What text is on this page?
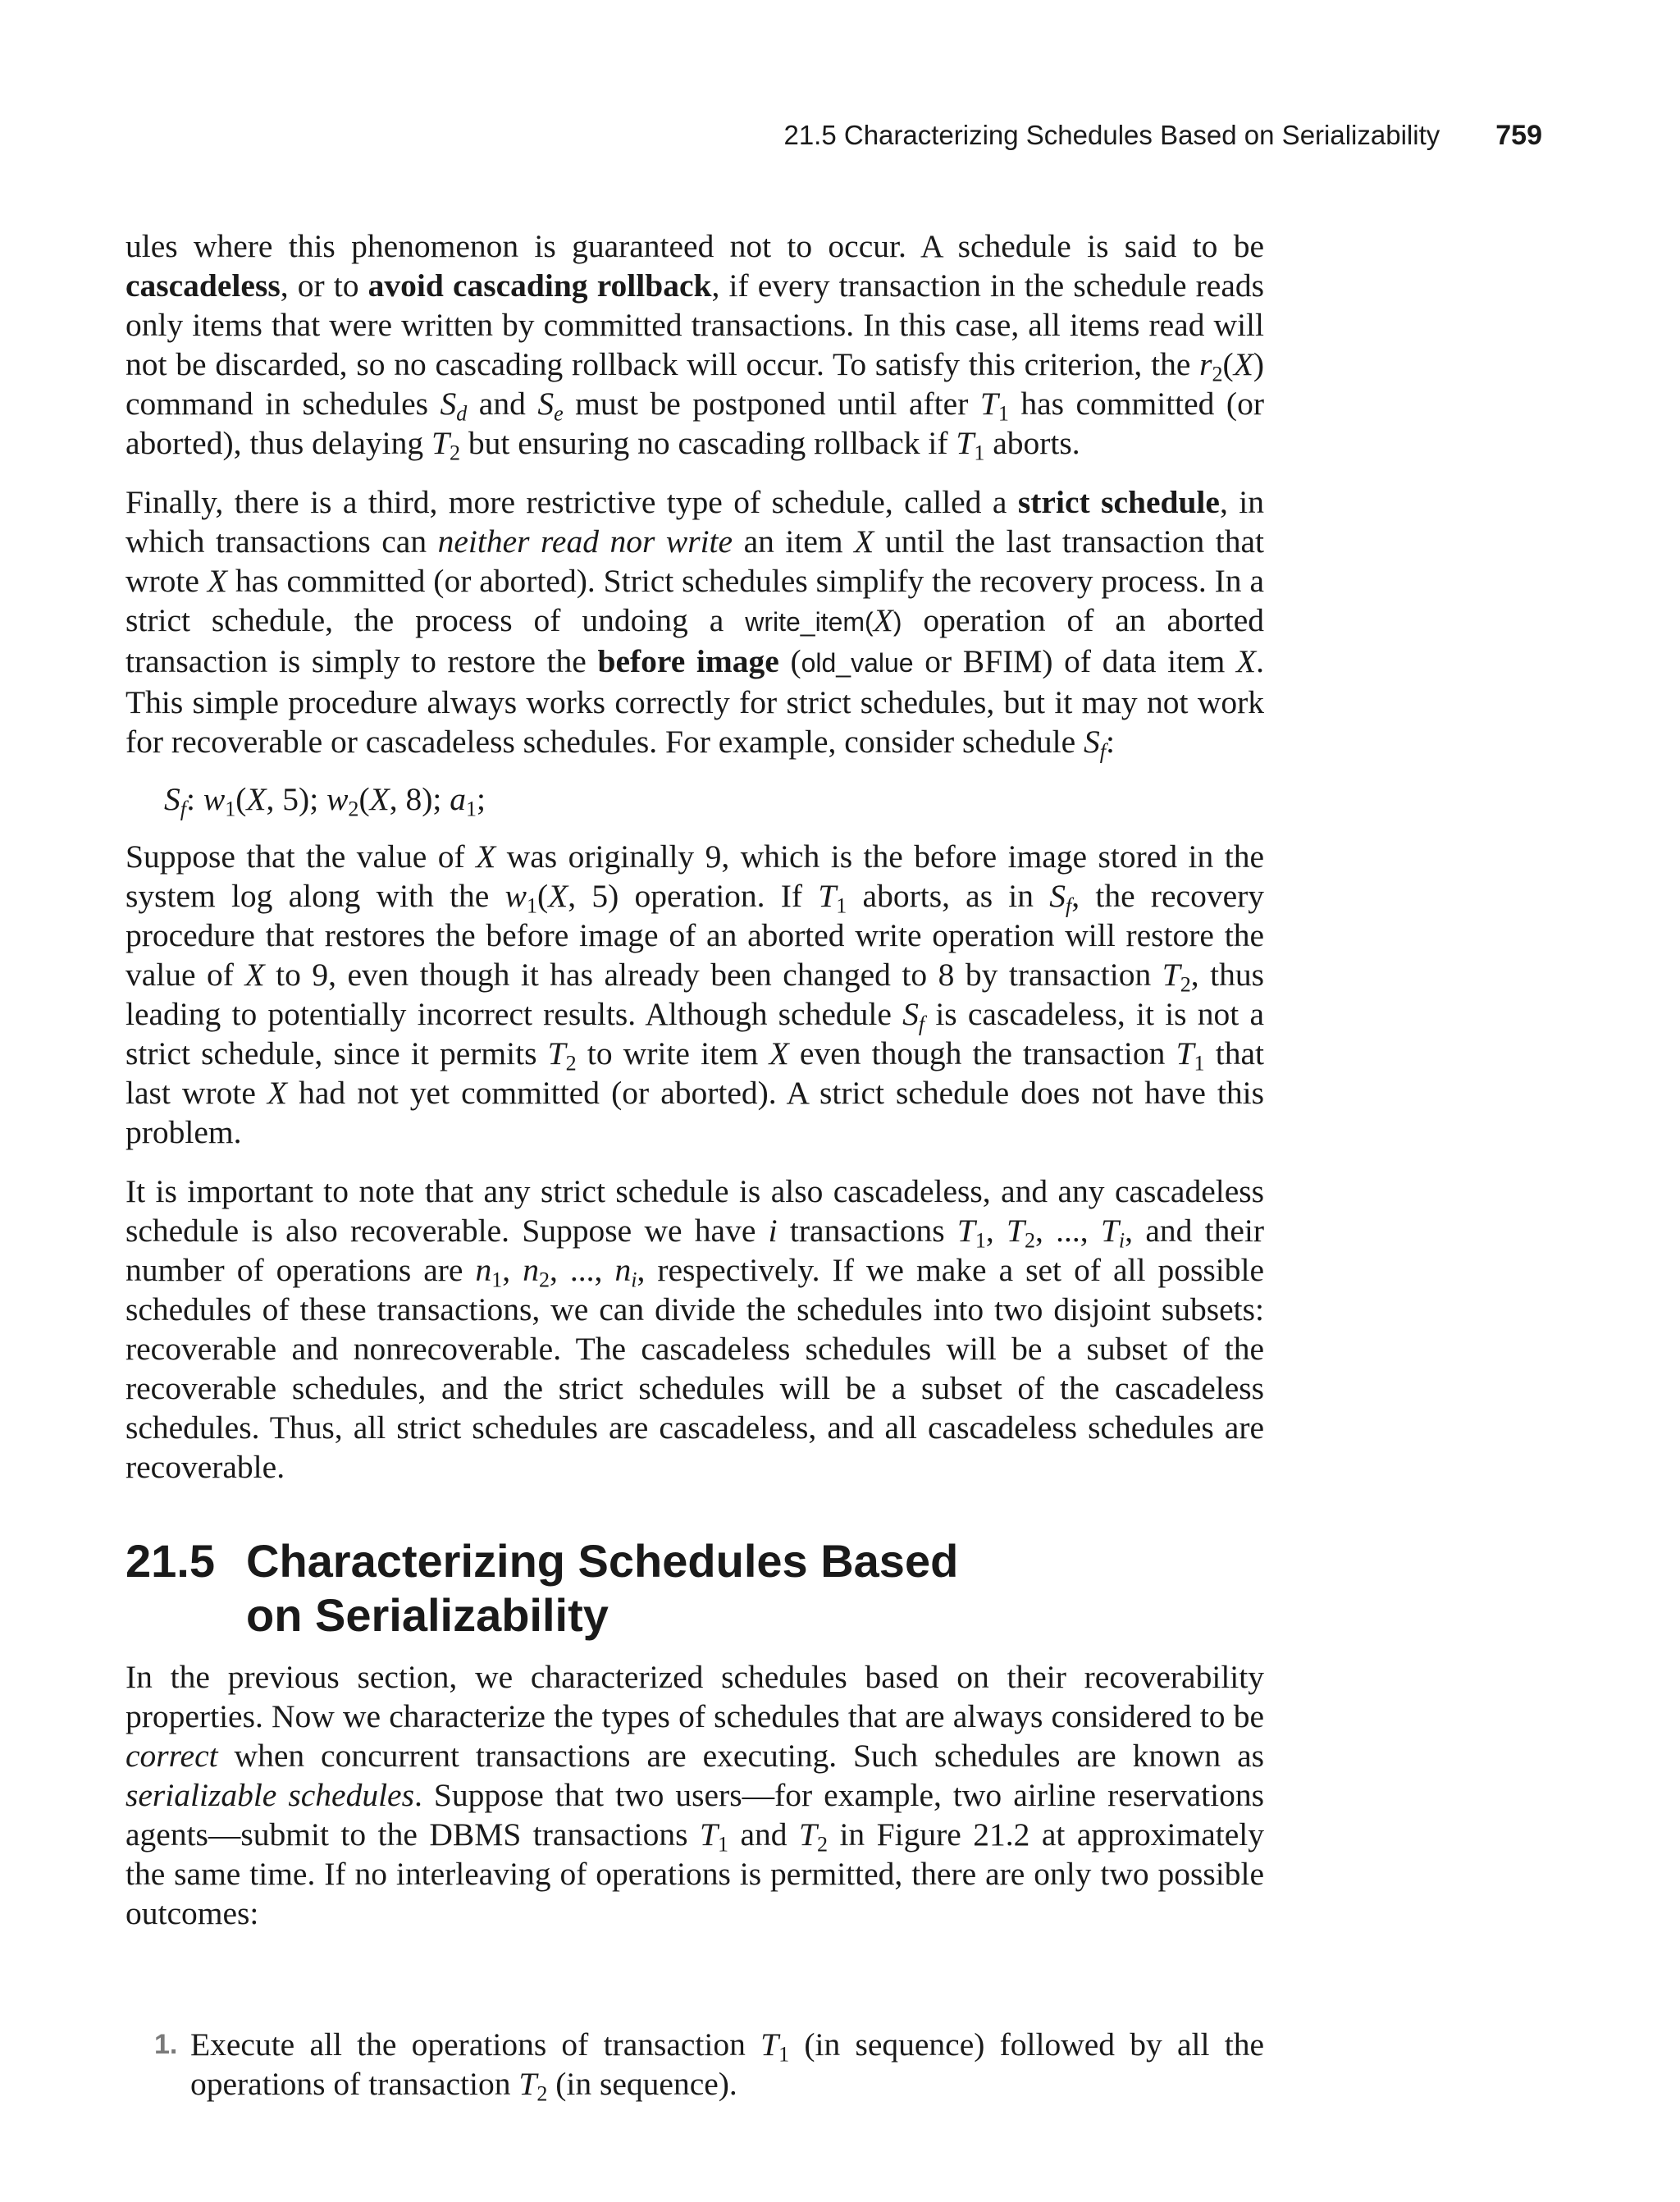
21.5 Characterizing Schedules Based on Serializability 759

ules where this phenomenon is guaranteed not to occur. A schedule is said to be cascadeless, or to avoid cascading rollback, if every transaction in the schedule reads only items that were written by committed transactions. In this case, all items read will not be discarded, so no cascading rollback will occur. To satisfy this criterion, the $r_2(X)$ command in schedules $S_d$ and $S_e$ must be postponed until after $T_1$ has committed (or aborted), thus delaying $T_2$ but ensuring no cascading rollback if $T_1$ aborts.

Finally, there is a third, more restrictive type of schedule, called a strict schedule, in which transactions can neither read nor write an item X until the last transaction that wrote X has committed (or aborted). Strict schedules simplify the recovery process. In a strict schedule, the process of undoing a write_item(X) operation of an aborted transaction is simply to restore the before image (old_value or BFIM) of data item X. This simple procedure always works correctly for strict schedules, but it may not work for recoverable or cascadeless schedules. For example, consider schedule $S_f$:

$S_f$: $w_1(X$, 5); $w_2(X$, 8); $a_1$;

Suppose that the value of X was originally 9, which is the before image stored in the system log along with the $w_1(X$, 5) operation. If $T_1$ aborts, as in $S_f$, the recovery procedure that restores the before image of an aborted write operation will restore the value of X to 9, even though it has already been changed to 8 by transaction $T_2$, thus leading to potentially incorrect results. Although schedule $S_f$ is cascadeless, it is not a strict schedule, since it permits $T_2$ to write item X even though the transaction $T_1$ that last wrote X had not yet committed (or aborted). A strict schedule does not have this problem.

It is important to note that any strict schedule is also cascadeless, and any cascadeless schedule is also recoverable. Suppose we have i transactions $T_1$, $T_2$, ..., $T_i$, and their number of operations are $n_1$, $n_2$, ..., $n_i$, respectively. If we make a set of all possible schedules of these transactions, we can divide the schedules into two disjoint subsets: recoverable and nonrecoverable. The cascadeless schedules will be a subset of the recoverable schedules, and the strict schedules will be a subset of the cascadeless schedules. Thus, all strict schedules are cascadeless, and all cascadeless schedules are recoverable.

21.5 Characterizing Schedules Based
on Serializability

In the previous section, we characterized schedules based on their recoverability properties. Now we characterize the types of schedules that are always considered to be correct when concurrent transactions are executing. Such schedules are known as serializable schedules. Suppose that two users—for example, two airline reservations agents—submit to the DBMS transactions $T_1$ and $T_2$ in Figure 21.2 at approximately the same time. If no interleaving of operations is permitted, there are only two possible outcomes:

1. Execute all the operations of transaction $T_1$ (in sequence) followed by all the operations of transaction $T_2$ (in sequence).
